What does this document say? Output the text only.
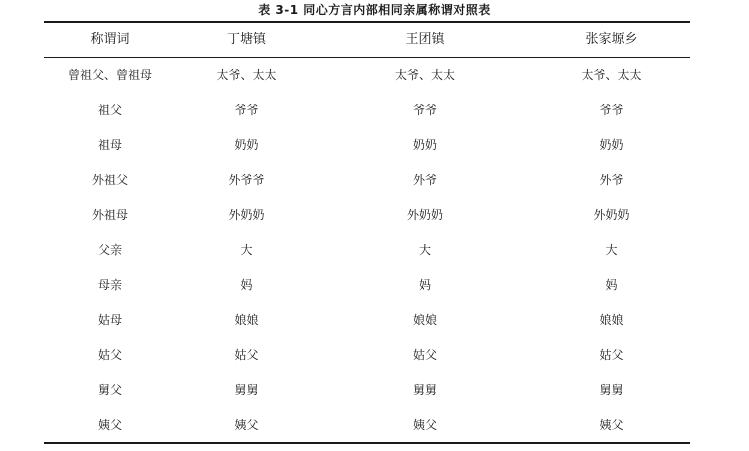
表 3-1 同心方言内部相同亲属称谓对照表
称谓词	丁塘镇	王团镇	张家塬乡
曾祖父、曾祖母	太爷、太太	太爷、太太	太爷、太太
祖父	爷爷	爷爷	爷爷
祖母	奶奶	奶奶	奶奶
外祖父	外爷爷	外爷	外爷
外祖母	外奶奶	外奶奶	外奶奶
父亲	大	大	大
母亲	妈	妈	妈
姑母	娘娘	娘娘	娘娘
姑父	姑父	姑父	姑父
舅父	舅舅	舅舅	舅舅
姨父	姨父	姨父	姨父
